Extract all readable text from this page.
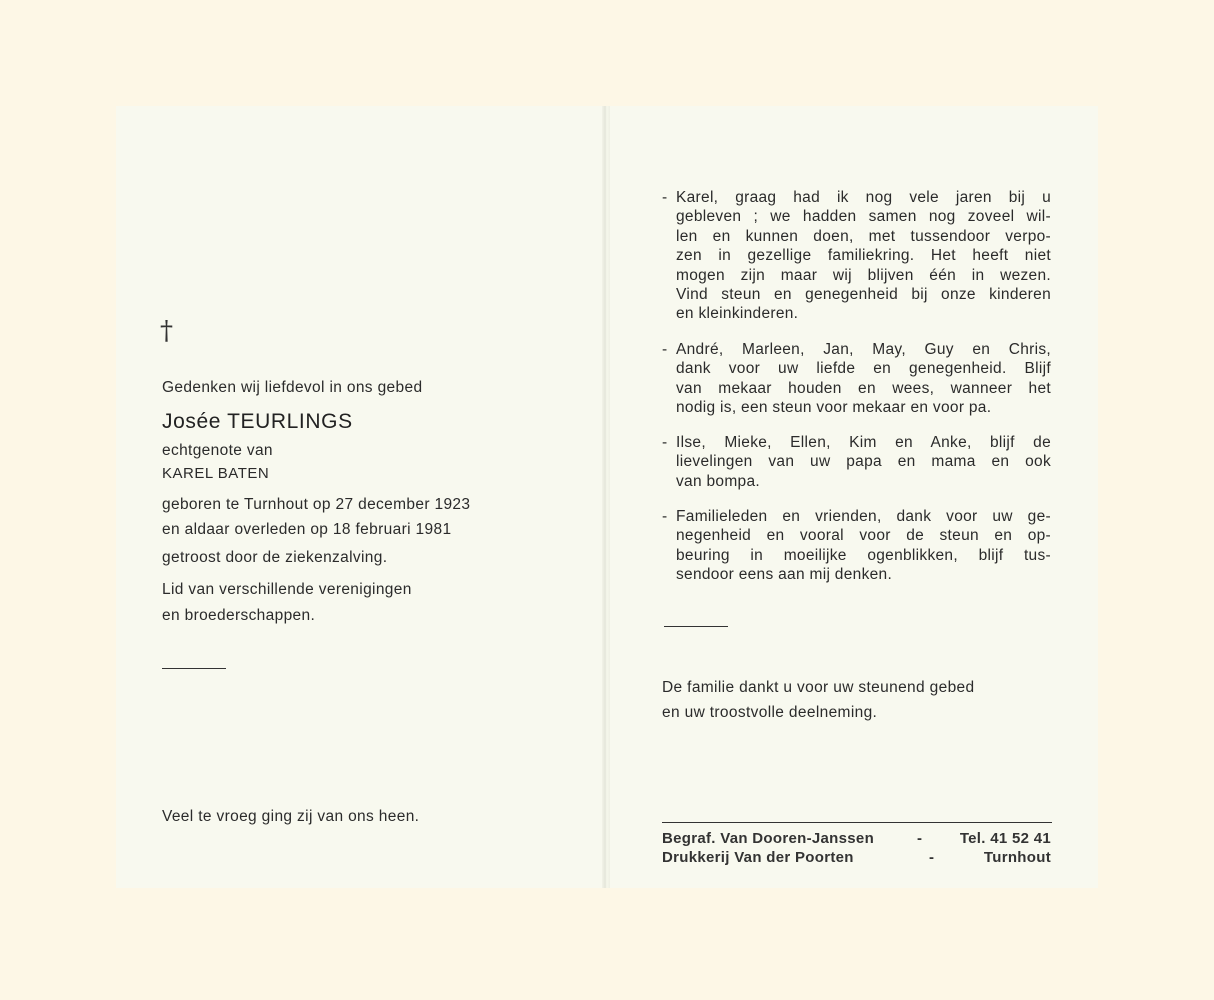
†
Gedenken wij liefdevol in ons gebed
Josée TEURLINGS
echtgenote van
KAREL BATEN
geboren te Turnhout op 27 december 1923
en aldaar overleden op 18 februari 1981
getroost door de ziekenzalving.
Lid van verschillende verenigingen
en broederschappen.
Veel te vroeg ging zij van ons heen.
- Karel, graag had ik nog vele jaren bij u
gebleven ; we hadden samen nog zoveel wil-
len en kunnen doen, met tussendoor verpo-
zen in gezellige familiekring. Het heeft niet
mogen zijn maar wij blijven één in wezen.
Vind steun en genegenheid bij onze kinderen
en kleinkinderen.
- André, Marleen, Jan, May, Guy en Chris,
dank voor uw liefde en genegenheid. Blijf
van mekaar houden en wees, wanneer het
nodig is, een steun voor mekaar en voor pa.
- Ilse, Mieke, Ellen, Kim en Anke, blijf de
lievelingen van uw papa en mama en ook
van bompa.
- Familieleden en vrienden, dank voor uw ge-
negenheid en vooral voor de steun en op-
beuring in moeilijke ogenblikken, blijf tus-
sendoor eens aan mij denken.
De familie dankt u voor uw steunend gebed
en uw troostvolle deelneming.
Begraf. Van Dooren-Janssen	-	Tel. 41 52 41
Drukkerij Van der Poorten	-	Turnhout
